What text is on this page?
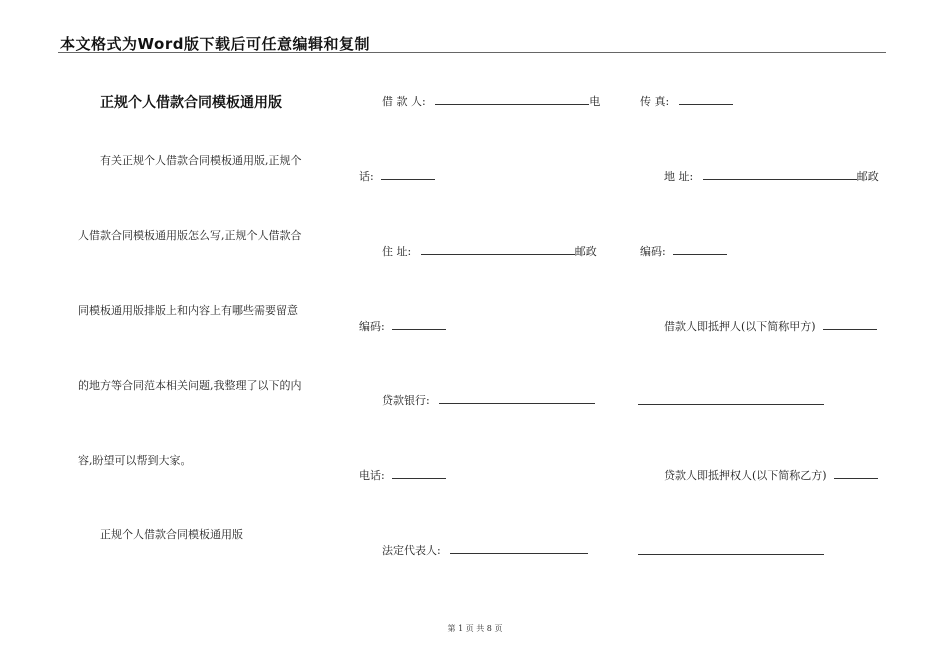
本文格式为Word版下载后可任意编辑和复制
正规个人借款合同模板通用版
有关正规个人借款合同模板通用版,正规个
人借款合同模板通用版怎么写,正规个人借款合
同模板通用版排版上和内容上有哪些需要留意
的地方等合同范本相关问题,我整理了以下的内
容,盼望可以帮到大家。
正规个人借款合同模板通用版
借 款 人:	电	传 真:
话:	地 址:	邮政
住 址:	邮政	编码:
编码:	借款人即抵押人(以下简称甲方)
贷款银行:
电话:	贷款人即抵押权人(以下简称乙方)
法定代表人:
第 1 页 共 8 页
